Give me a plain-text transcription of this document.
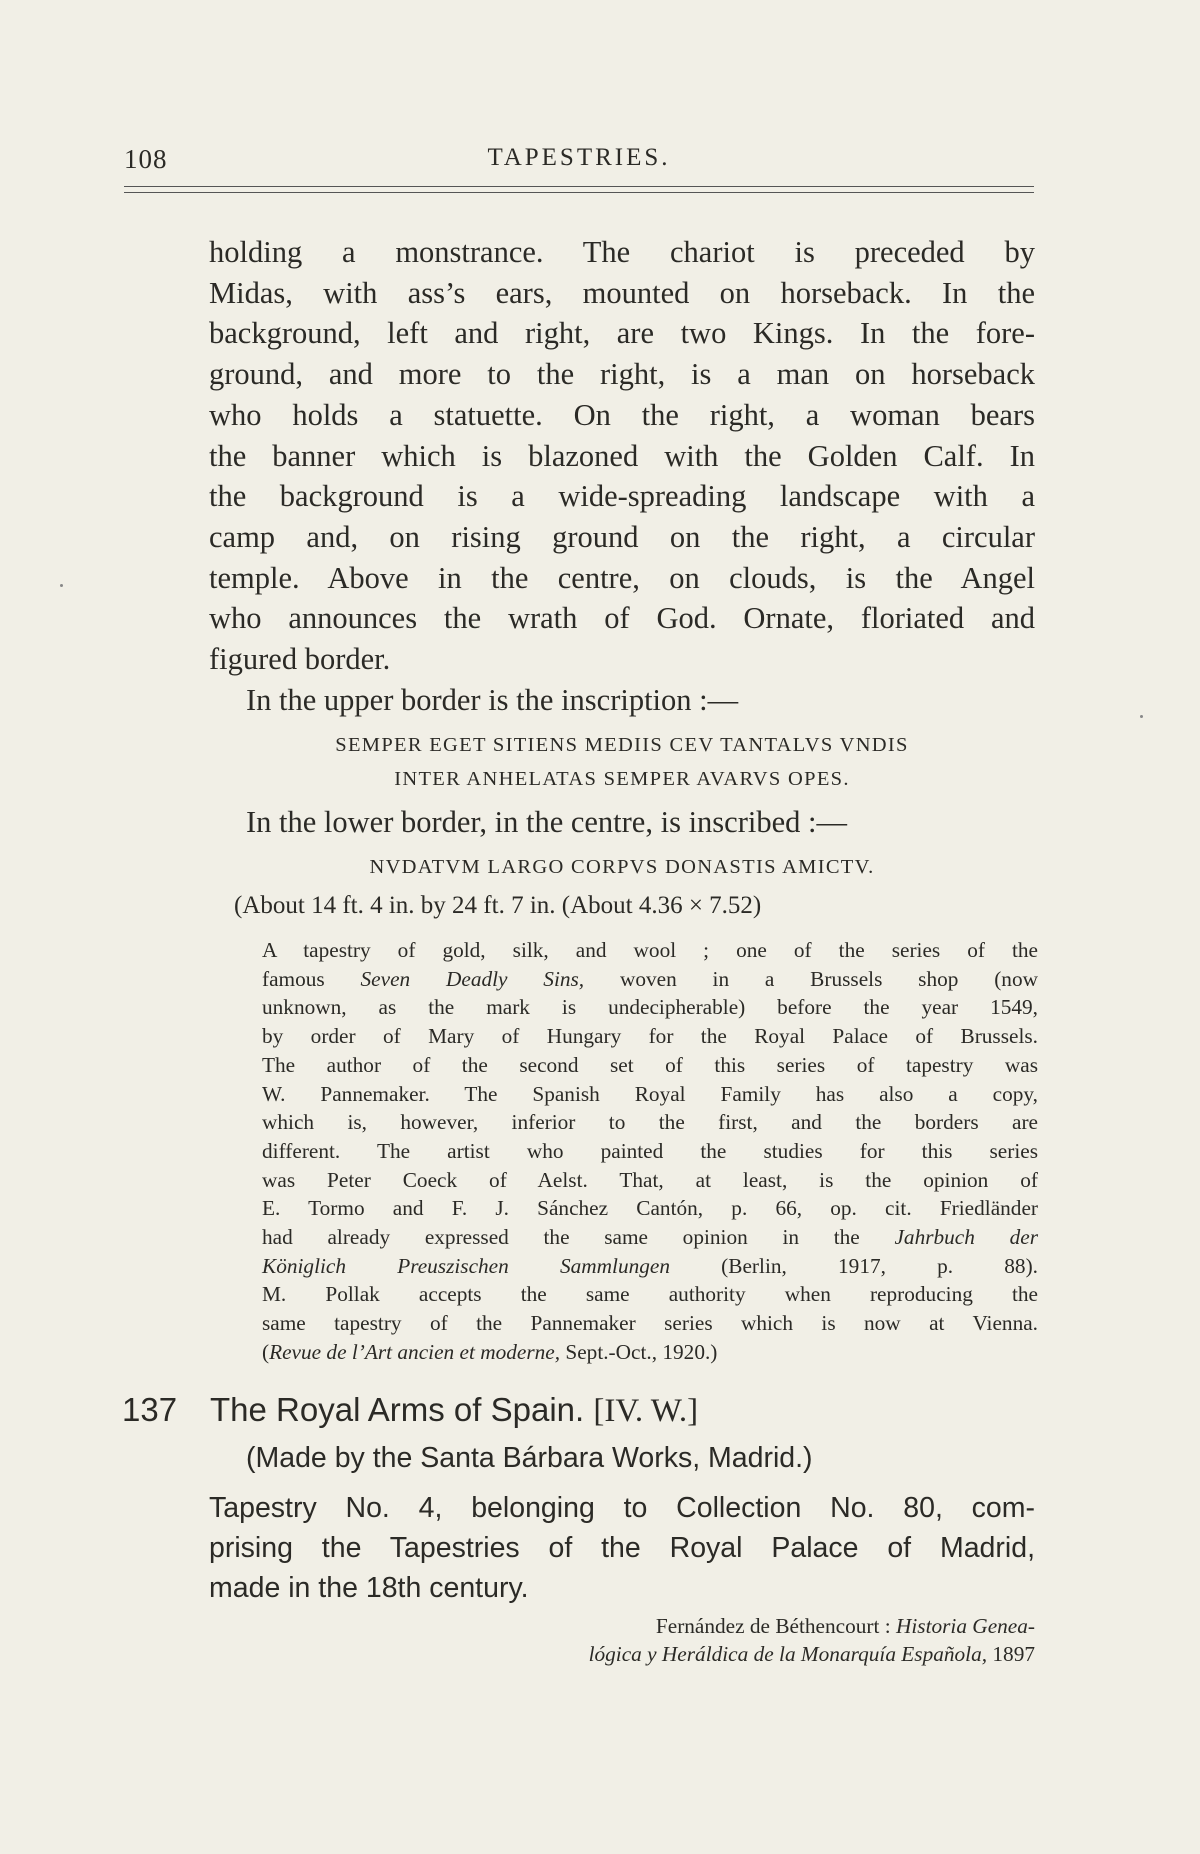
108	TAPESTRIES.

holding a monstrance. The chariot is preceded by
Midas, with ass’s ears, mounted on horseback. In the
background, left and right, are two Kings. In the fore-
ground, and more to the right, is a man on horseback
who holds a statuette. On the right, a woman bears
the banner which is blazoned with the Golden Calf. In
the background is a wide-spreading landscape with a
camp and, on rising ground on the right, a circular
temple. Above in the centre, on clouds, is the Angel
who announces the wrath of God. Ornate, floriated and
figured border.

In the upper border is the inscription :—

SEMPER EGET SITIENS MEDIIS CEV TANTALVS VNDIS
INTER ANHELATAS SEMPER AVARVS OPES.

In the lower border, in the centre, is inscribed :—

NVDATVM LARGO CORPVS DONASTIS AMICTV.
(About 14 ft. 4 in. by 24 ft. 7 in. (About 4.36 × 7.52)
A tapestry of gold, silk, and wool ; one of the series of the
famous Seven Deadly Sins, woven in a Brussels shop (now
unknown, as the mark is undecipherable) before the year 1549,
by order of Mary of Hungary for the Royal Palace of Brussels.
The author of the second set of this series of tapestry was
W. Pannemaker. The Spanish Royal Family has also a copy,
which is, however, inferior to the first, and the borders are
different. The artist who painted the studies for this series
was Peter Coeck of Aelst. That, at least, is the opinion of
E. Tormo and F. J. Sánchez Cantón, p. 66, op. cit. Friedländer
had already expressed the same opinion in the Jahrbuch der
Königlich Preuszischen Sammlungen (Berlin, 1917, p. 88).
M. Pollak accepts the same authority when reproducing the
same tapestry of the Pannemaker series which is now at Vienna.
(Revue de l’Art ancien et moderne, Sept.-Oct., 1920.)
137 The Royal Arms of Spain. [IV. W.]
(Made by the Santa Bárbara Works, Madrid.)
Tapestry No. 4, belonging to Collection No. 80, com-
prising the Tapestries of the Royal Palace of Madrid,
made in the 18th century.
Fernández de Béthencourt : Historia Genea-
lógica y Heráldica de la Monarquía Española, 1897
